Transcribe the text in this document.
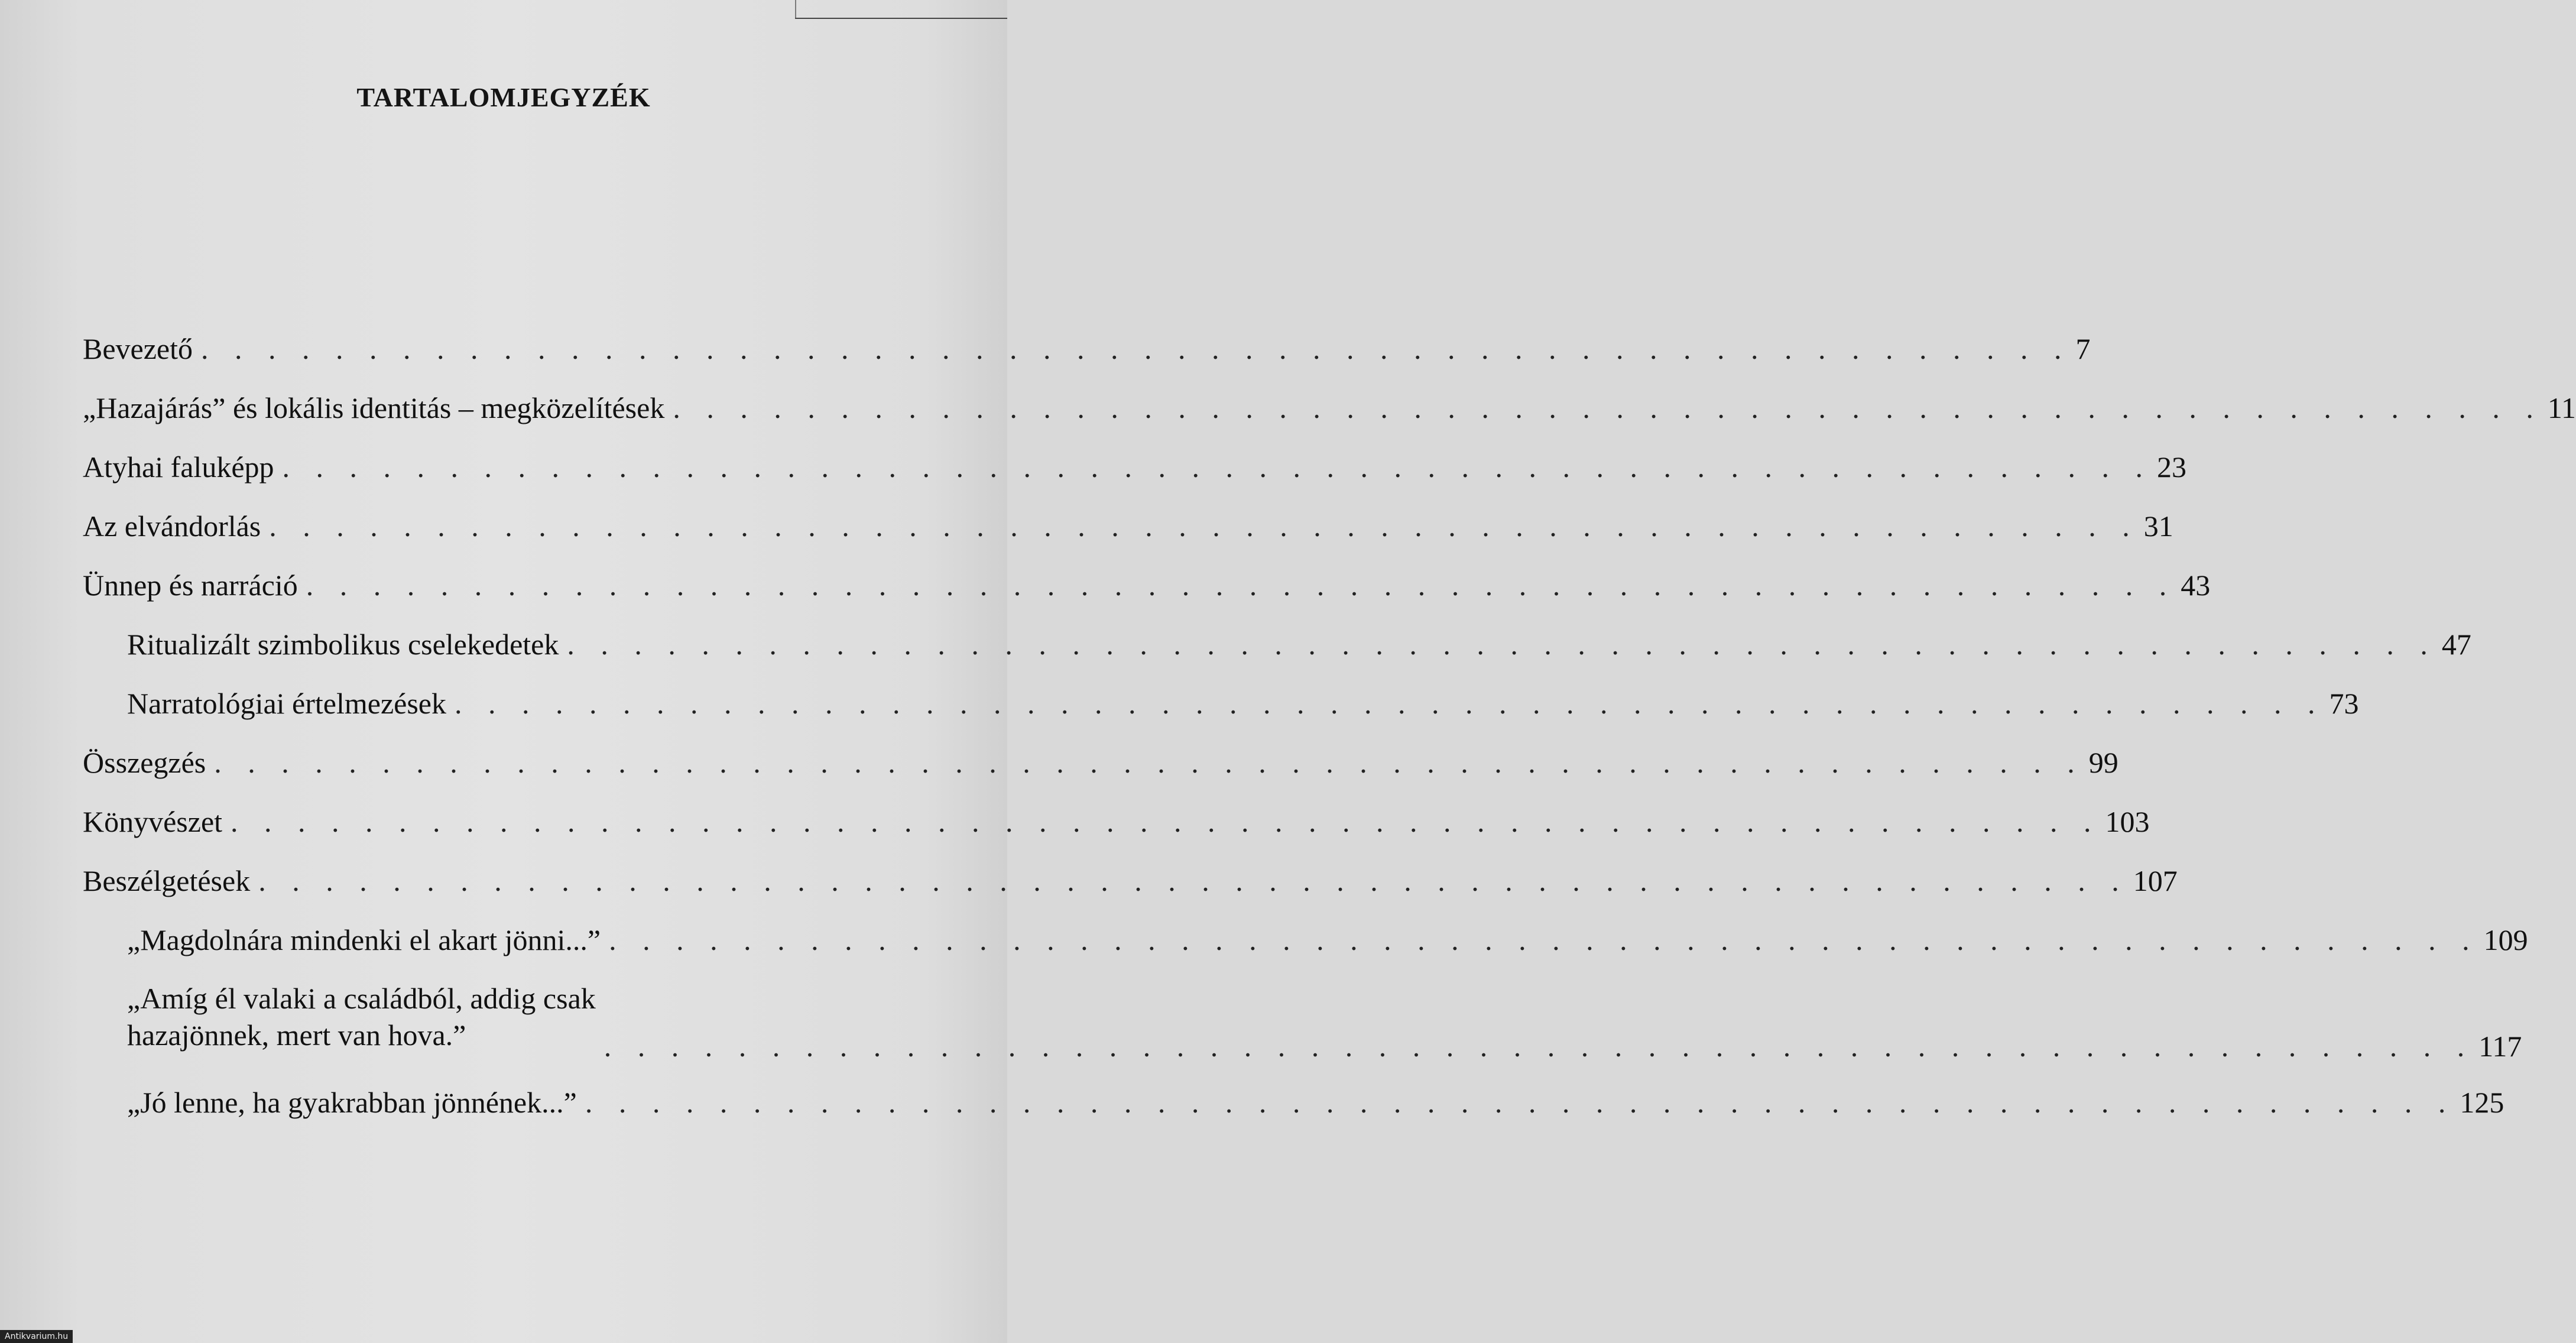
TARTALOMJEGYZÉK
Bevezető . . .	7
„Hazajárás” és lokális identitás – megközelítések . . .	11
Atyhai faluképp . . .	23
Az elvándorlás . . .	31
Ünnep és narráció . . .	43
Ritualizált szimbolikus cselekedetek . . .	47
Narratológiai értelmezések . . .	73
Összegzés . . .	99
Könyvészet . . .	103
Beszélgetések . . .	107
„Magdolnára mindenki el akart jönni...” . . .	109
„Amíg él valaki a családból, addig csak
hazajönnek, mert van hova.” . . .	117
„Jó lenne, ha gyakrabban jönnének...” . . .	125
Antikvarium.hu
